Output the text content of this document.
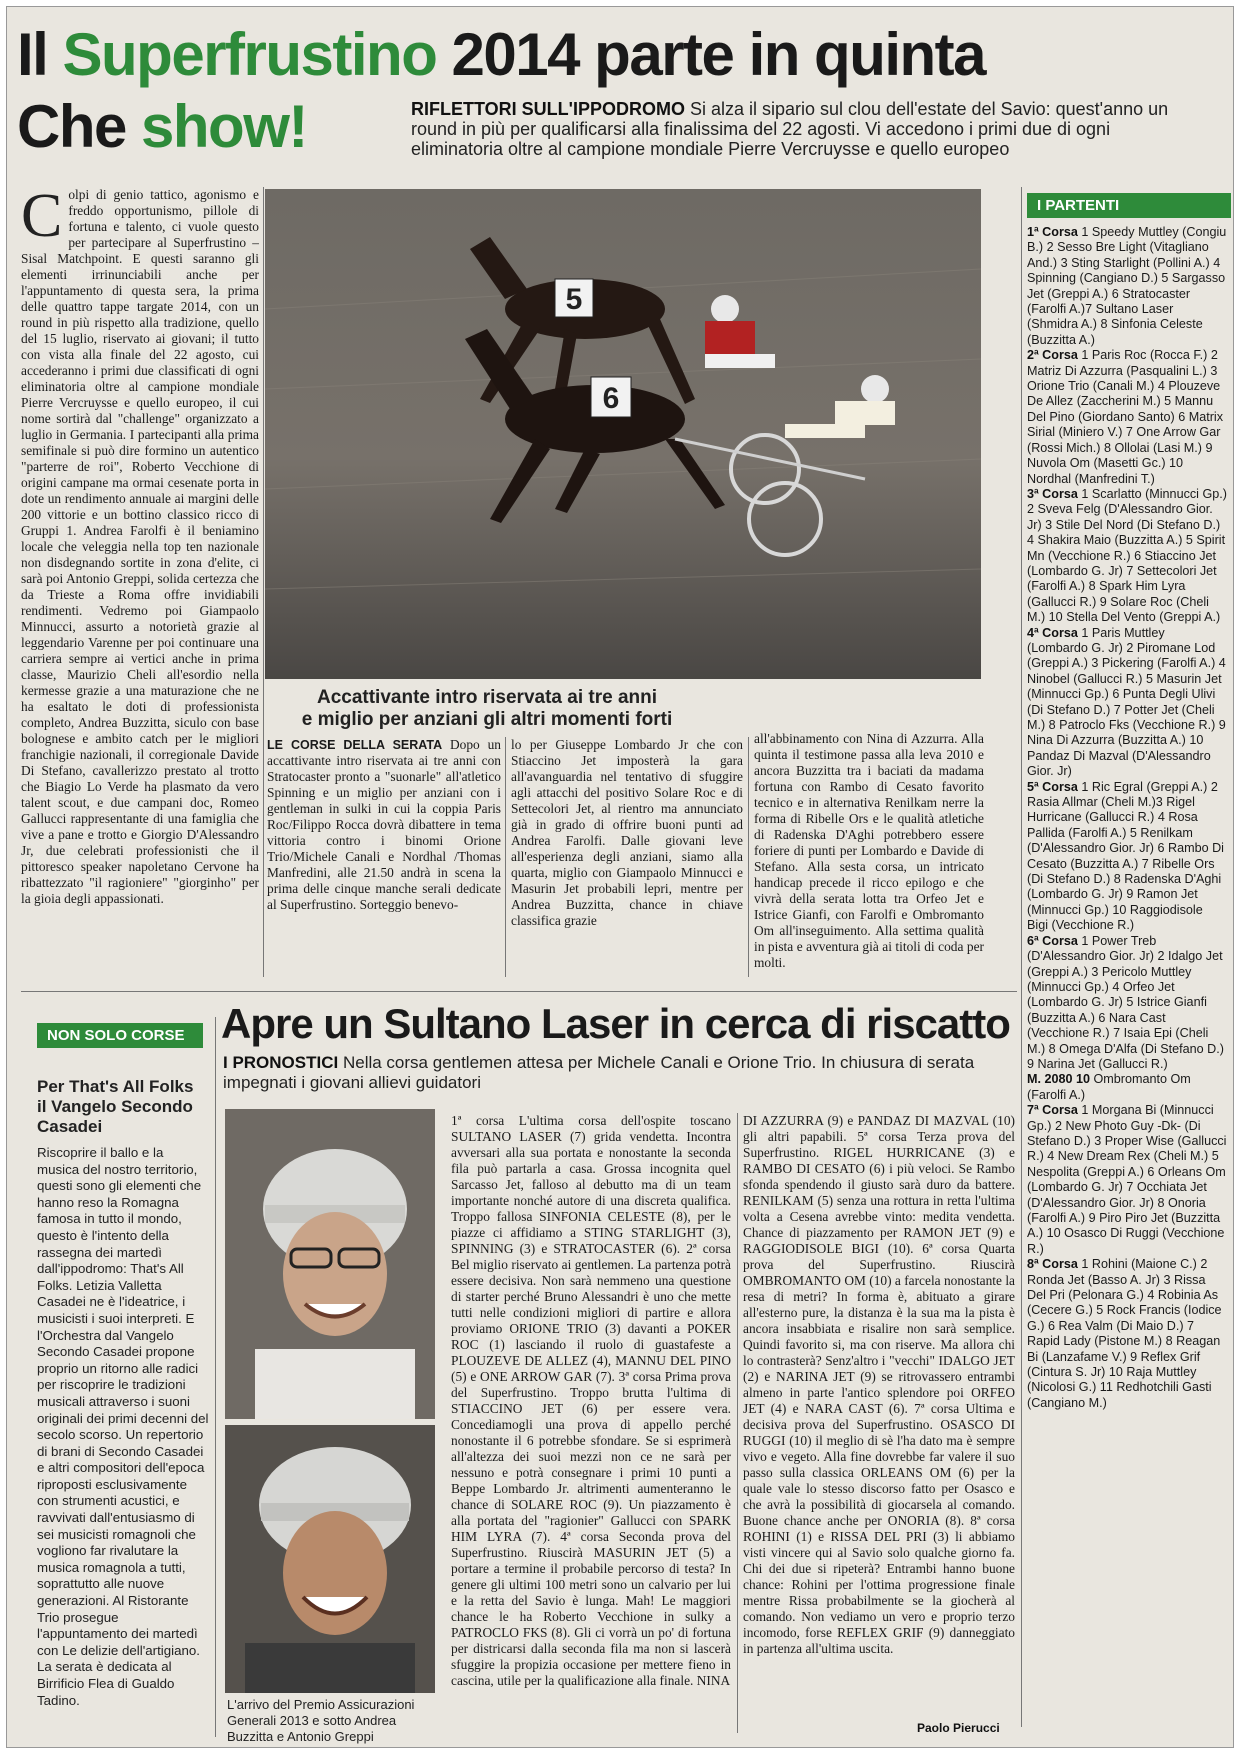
Il Superfrustino 2014 parte in quinta
Che show!	RIFLETTORI SULL'IPPODROMO Si alza il sipario sul clou dell'estate del Savio: quest'anno un round in più per qualificarsi alla finalissima del 22 agosti. Vi accedono i primi due di ogni eliminatoria oltre al campione mondiale Pierre Vercruysse e quello europeo
Colpi di genio tattico, agonismo e freddo opportunismo, pillole di fortuna e talento, ci vuole questo per partecipare al Superfrustino – Sisal Matchpoint. E questi saranno gli elementi irrinunciabili anche per l'appuntamento di questa sera, la prima delle quattro tappe targate 2014, con un round in più rispetto alla tradizione, quello del 15 luglio, riservato ai giovani; il tutto con vista alla finale del 22 agosto, cui accederanno i primi due classificati di ogni eliminatoria oltre al campione mondiale Pierre Vercruysse e quello europeo, il cui nome sortirà dal "challenge" organizzato a luglio in Germania. I partecipanti alla prima semifinale si può dire formino un autentico "parterre de roi", Roberto Vecchione di origini campane ma ormai cesenate porta in dote un rendimento annuale ai margini delle 200 vittorie e un bottino classico ricco di Gruppi 1. Andrea Farolfi è il beniamino locale che veleggia nella top ten nazionale non disdegnando sortite in zona d'elite, ci sarà poi Antonio Greppi, solida certezza che da Trieste a Roma offre invidiabili rendimenti. Vedremo poi Giampaolo Minnucci, assurto a notorietà grazie al leggendario Varenne per poi continuare una carriera sempre ai vertici anche in prima classe, Maurizio Cheli all'esordio nella kermesse grazie a una maturazione che ne ha esaltato le doti di professionista completo, Andrea Buzzitta, siculo con base bolognese e ambito catch per le migliori franchigie nazionali, il corregionale Davide Di Stefano, cavallerizzo prestato al trotto che Biagio Lo Verde ha plasmato da vero talent scout, e due campani doc, Romeo Gallucci rappresentante di una famiglia che vive a pane e trotto e Giorgio D'Alessandro Jr, due celebrati professionisti che il pittoresco speaker napoletano Cervone ha ribattezzato "il ragioniere" "giorginho" per la gioia degli appassionati.
5
6
Accattivante intro riservata ai tre anni
e miglio per anziani gli altri momenti forti
LE CORSE DELLA SERATA Dopo un accattivante intro riservata ai tre anni con Stratocaster pronto a "suonarle" all'atletico Spinning e un miglio per anziani con i gentleman in sulki in cui la coppia Paris Roc/Filippo Rocca dovrà dibattere in tema vittoria contro i binomi Orione Trio/Michele Canali e Nordhal /Thomas Manfredini, alle 21.50 andrà in scena la prima delle cinque manche serali dedicate al Superfrustino. Sorteggio benevo-
lo per Giuseppe Lombardo Jr che con Stiaccino Jet imposterà la gara all'avanguardia nel tentativo di sfuggire agli attacchi del positivo Solare Roc e di Settecolori Jet, al rientro ma annunciato già in grado di offrire buoni punti ad Andrea Farolfi. Dalle giovani leve all'esperienza degli anziani, siamo alla quarta, miglio con Giampaolo Minnucci e Masurin Jet probabili lepri, mentre per Andrea Buzzitta, chance in chiave classifica grazie
all'abbinamento con Nina di Azzurra. Alla quinta il testimone passa alla leva 2010 e ancora Buzzitta tra i baciati da madama fortuna con Rambo di Cesato favorito tecnico e in alternativa Renilkam nerre la forma di Ribelle Ors e le qualità atletiche di Radenska D'Aghi potrebbero essere foriere di punti per Lombardo e Davide di Stefano. Alla sesta corsa, un intricato handicap precede il ricco epilogo e che vivrà della serata lotta tra Orfeo Jet e Istrice Gianfi, con Farolfi e Ombromanto Om all'inseguimento. Alla settima qualità in pista e avventura già ai titoli di coda per molti.
I PARTENTI

1ª Corsa 1 Speedy Muttley (Congiu B.) 2 Sesso Bre Light (Vitagliano And.) 3 Sting Starlight (Pollini A.) 4 Spinning (Cangiano D.) 5 Sargasso Jet (Greppi A.) 6 Stratocaster (Farolfi A.)7 Sultano Laser (Shmidra A.) 8 Sinfonia Celeste (Buzzitta A.)

2ª Corsa 1 Paris Roc (Rocca F.) 2 Matriz Di Azzurra (Pasqualini L.) 3 Orione Trio (Canali M.) 4 Plouzeve De Allez (Zaccherini M.) 5 Mannu Del Pino (Giordano Santo) 6 Matrix Sirial (Miniero V.) 7 One Arrow Gar (Rossi Mich.) 8 Ollolai (Lasi M.) 9 Nuvola Om (Masetti Gc.) 10 Nordhal (Manfredini T.)

3ª Corsa 1 Scarlatto (Minnucci Gp.) 2 Sveva Felg (D'Alessandro Gior. Jr) 3 Stile Del Nord (Di Stefano D.) 4 Shakira Maio (Buzzitta A.) 5 Spirit Mn (Vecchione R.) 6 Stiaccino Jet (Lombardo G. Jr) 7 Settecolori Jet (Farolfi A.) 8 Spark Him Lyra (Gallucci R.) 9 Solare Roc (Cheli M.) 10 Stella Del Vento (Greppi A.)

4ª Corsa 1 Paris Muttley (Lombardo G. Jr) 2 Piromane Lod (Greppi A.) 3 Pickering (Farolfi A.) 4 Ninobel (Gallucci R.) 5 Masurin Jet (Minnucci Gp.) 6 Punta Degli Ulivi (Di Stefano D.) 7 Potter Jet (Cheli M.) 8 Patroclo Fks (Vecchione R.) 9 Nina Di Azzurra (Buzzitta A.) 10 Pandaz Di Mazval (D'Alessandro Gior. Jr)

5ª Corsa 1 Ric Egral (Greppi A.) 2 Rasia Allmar (Cheli M.)3 Rigel Hurricane (Gallucci R.) 4 Rosa Pallida (Farolfi A.) 5 Renilkam (D'Alessandro Gior. Jr) 6 Rambo Di Cesato (Buzzitta A.) 7 Ribelle Ors (Di Stefano D.) 8 Radenska D'Aghi (Lombardo G. Jr) 9 Ramon Jet (Minnucci Gp.) 10 Raggiodisole Bigi (Vecchione R.)

6ª Corsa 1 Power Treb (D'Alessandro Gior. Jr) 2 Idalgo Jet (Greppi A.) 3 Pericolo Muttley (Minnucci Gp.) 4 Orfeo Jet (Lombardo G. Jr) 5 Istrice Gianfi (Buzzitta A.) 6 Nara Cast (Vecchione R.) 7 Isaia Epi (Cheli M.) 8 Omega D'Alfa (Di Stefano D.) 9 Narina Jet (Gallucci R.)

M. 2080 10 Ombromanto Om (Farolfi A.)

7ª Corsa 1 Morgana Bi (Minnucci Gp.) 2 New Photo Guy -Dk- (Di Stefano D.) 3 Proper Wise (Gallucci R.) 4 New Dream Rex (Cheli M.) 5 Nespolita (Greppi A.) 6 Orleans Om (Lombardo G. Jr) 7 Occhiata Jet (D'Alessandro Gior. Jr) 8 Onoria (Farolfi A.) 9 Piro Piro Jet (Buzzitta A.) 10 Osasco Di Ruggi (Vecchione R.)

8ª Corsa 1 Rohini (Maione C.) 2 Ronda Jet (Basso A. Jr) 3 Rissa Del Pri (Pelonara G.) 4 Robinia As (Cecere G.) 5 Rock Francis (Iodice G.) 6 Rea Valm (Di Maio D.) 7 Rapid Lady (Pistone M.) 8 Reagan Bi (Lanzafame V.) 9 Reflex Grif (Cintura S. Jr) 10 Raja Muttley (Nicolosi G.) 11 Redhotchili Gasti (Cangiano M.)

NON SOLO CORSE
Per That's All Folks il Vangelo Secondo Casadei
Riscoprire il ballo e la musica del nostro territorio, questi sono gli elementi che hanno reso la Romagna famosa in tutto il mondo, questo è l'intento della rassegna dei martedì dall'ippodromo: That's All Folks. Letizia Valletta Casadei ne è l'ideatrice, i musicisti i suoi interpreti. E l'Orchestra dal Vangelo Secondo Casadei propone proprio un ritorno alle radici per riscoprire le tradizioni musicali attraverso i suoni originali dei primi decenni del secolo scorso. Un repertorio di brani di Secondo Casadei e altri compositori dell'epoca riproposti esclusivamente con strumenti acustici, e ravvivati dall'entusiasmo di sei musicisti romagnoli che vogliono far rivalutare la musica romagnola a tutti, soprattutto alle nuove generazioni. Al Ristorante Trio prosegue l'appuntamento dei martedì con Le delizie dell'artigiano. La serata è dedicata al Birrificio Flea di Gualdo Tadino.
Apre un Sultano Laser in cerca di riscatto
I PRONOSTICI Nella corsa gentlemen attesa per Michele Canali e Orione Trio. In chiusura di serata impegnati i giovani allievi guidatori
L'arrivo del Premio Assicurazioni Generali 2013 e sotto Andrea Buzzitta e Antonio Greppi
1ª corsa L'ultima corsa dell'ospite toscano SULTANO LASER (7) grida vendetta. Incontra avversari alla sua portata e nonostante la seconda fila può partarla a casa. Grossa incognita quel Sarcasso Jet, falloso al debutto ma di un team importante nonché autore di una discreta qualifica. Troppo fallosa SINFONIA CELESTE (8), per le piazze ci affidiamo a STING STARLIGHT (3), SPINNING (3) e STRATOCASTER (6). 2ª corsa Bel miglio riservato ai gentlemen. La partenza potrà essere decisiva. Non sarà nemmeno una questione di starter perché Bruno Alessandri è uno che mette tutti nelle condizioni migliori di partire e allora proviamo ORIONE TRIO (3) davanti a POKER ROC (1) lasciando il ruolo di guastafeste a PLOUZEVE DE ALLEZ (4), MANNU DEL PINO (5) e ONE ARROW GAR (7). 3ª corsa Prima prova del Superfrustino. Troppo brutta l'ultima di STIACCINO JET (6) per essere vera. Concediamogli una prova di appello perché nonostante il 6 potrebbe sfondare. Se si esprimerà all'altezza dei suoi mezzi non ce ne sarà per nessuno e potrà consegnare i primi 10 punti a Beppe Lombardo Jr. altrimenti aumenteranno le chance di SOLARE ROC (9). Un piazzamento è alla portata del "ragionier" Gallucci con SPARK HIM LYRA (7). 4ª corsa Seconda prova del Superfrustino. Riuscirà MASURIN JET (5) a portare a termine il probabile percorso di testa? In genere gli ultimi 100 metri sono un calvario per lui e la retta del Savio è lunga. Mah! Le maggiori chance le ha Roberto Vecchione in sulky a PATROCLO FKS (8). Gli ci vorrà un po' di fortuna per districarsi dalla seconda fila ma non si lascerà sfuggire la propizia occasione per mettere fieno in cascina, utile per la qualificazione alla finale. NINA
DI AZZURRA (9) e PANDAZ DI MAZVAL (10) gli altri papabili. 5ª corsa Terza prova del Superfrustino. RIGEL HURRICANE (3) e RAMBO DI CESATO (6) i più veloci. Se Rambo sfonda spendendo il giusto sarà duro da battere. RENILKAM (5) senza una rottura in retta l'ultima volta a Cesena avrebbe vinto: medita vendetta. Chance di piazzamento per RAMON JET (9) e RAGGIODISOLE BIGI (10). 6ª corsa Quarta prova del Superfrustino. Riuscirà OMBROMANTO OM (10) a farcela nonostante la resa di metri? In forma è, abituato a girare all'esterno pure, la distanza è la sua ma la pista è ancora insabbiata e risalire non sarà semplice. Quindi favorito si, ma con riserve. Ma allora chi lo contrasterà? Senz'altro i "vecchi" IDALGO JET (2) e NARINA JET (9) se ritrovassero entrambi almeno in parte l'antico splendore poi ORFEO JET (4) e NARA CAST (6). 7ª corsa Ultima e decisiva prova del Superfrustino. OSASCO DI RUGGI (10) il meglio di sè l'ha dato ma è sempre vivo e vegeto. Alla fine dovrebbe far valere il suo passo sulla classica ORLEANS OM (6) per la quale vale lo stesso discorso fatto per Osasco e che avrà la possibilità di giocarsela al comando. Buone chance anche per ONORIA (8). 8ª corsa ROHINI (1) e RISSA DEL PRI (3) li abbiamo visti vincere qui al Savio solo qualche giorno fa. Chi dei due si ripeterà? Entrambi hanno buone chance: Rohini per l'ottima progressione finale mentre Rissa probabilmente se la giocherà al comando. Non vediamo un vero e proprio terzo incomodo, forse REFLEX GRIF (9) danneggiato in partenza all'ultima uscita.
Paolo Pierucci
